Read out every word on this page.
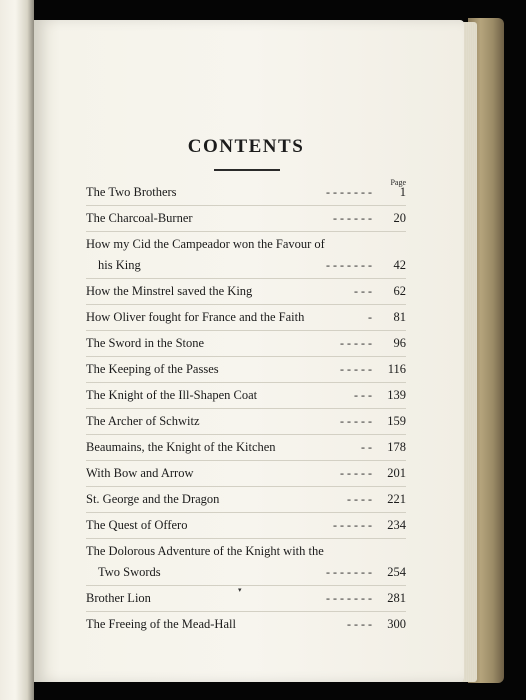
CONTENTS
Page
The Two Brothers	- - - - - - - 1
The Charcoal-Burner	- - - - - - 20
How my Cid the Campeador won the Favour of
his King	- - - - - - - 42
How the Minstrel saved the King	- - - 62
How Oliver fought for France and the Faith	- 81
The Sword in the Stone	- - - - - 96
The Keeping of the Passes	- - - - - 116
The Knight of the Ill-Shapen Coat	- - - 139
The Archer of Schwitz	- - - - - 159
Beaumains, the Knight of the Kitchen	- - 178
With Bow and Arrow	- - - - - 201
St. George and the Dragon	- - - - 221
The Quest of Offero	- - - - - - 234
The Dolorous Adventure of the Knight with the
Two Swords	- - - - - - - 254
Brother Lion	- - - - - - - 281
The Freeing of the Mead-Hall	- - - - 300
▾
